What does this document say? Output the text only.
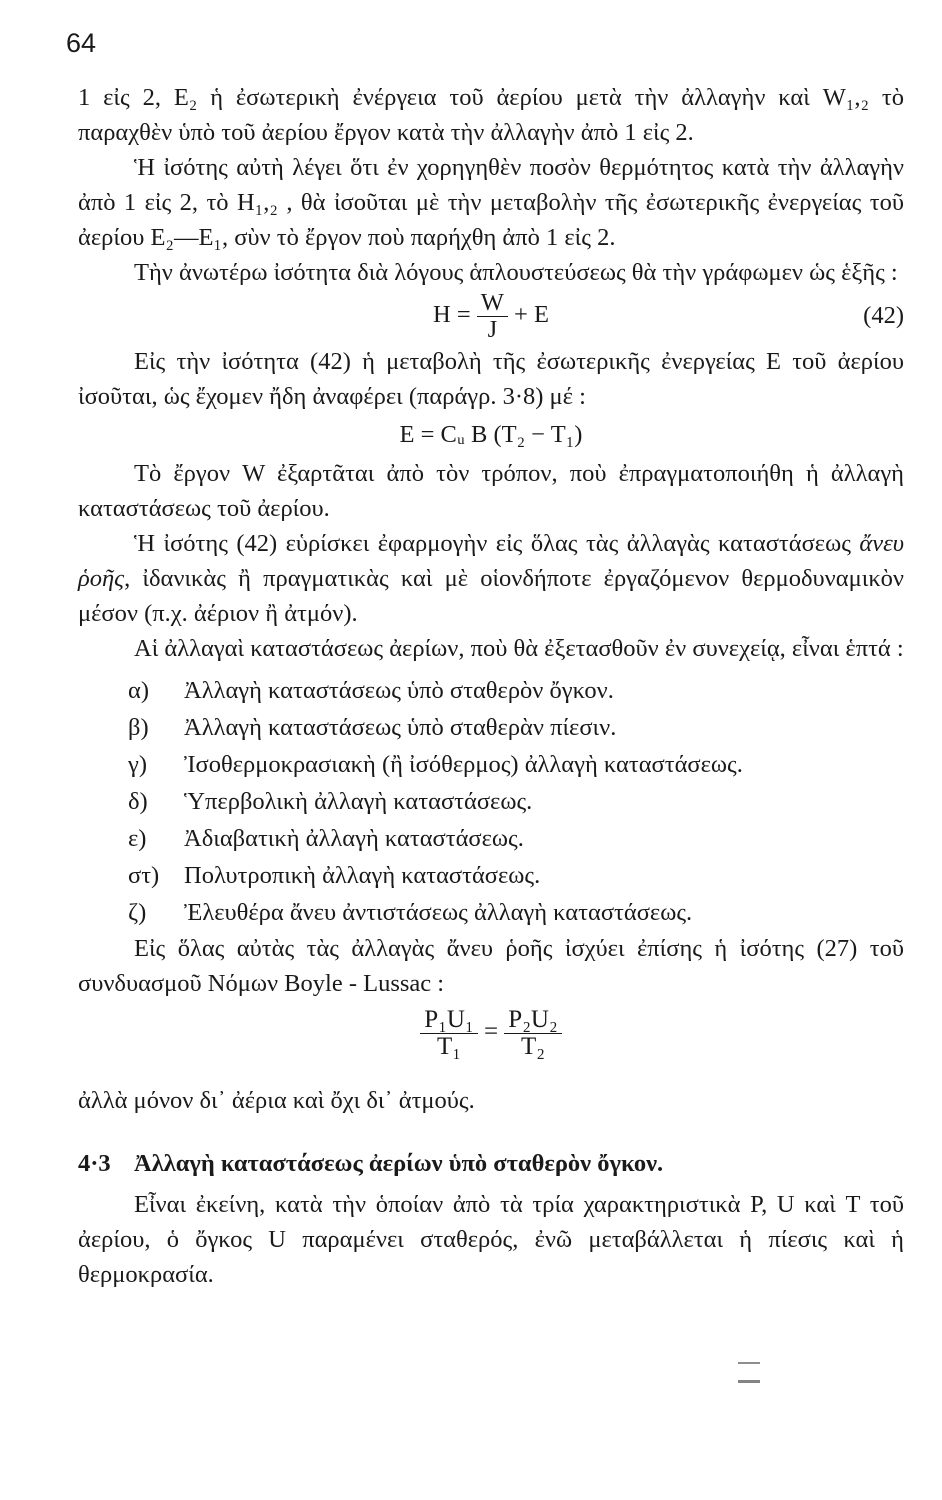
64

1 εἰς 2, E₂ ἡ ἐσωτερικὴ ἐνέργεια τοῦ ἀερίου μετὰ τὴν ἀλλαγὴν καὶ W₁,₂ τὸ παραχθὲν ὑπὸ τοῦ ἀερίου ἔργον κατὰ τὴν ἀλλαγὴν ἀπὸ 1 εἰς 2.

Ἡ ἰσότης αὐτὴ λέγει ὅτι ἐν χορηγηθὲν ποσὸν θερμότητος κατὰ τὴν ἀλλαγὴν ἀπὸ 1 εἰς 2, τὸ H₁,₂ , θὰ ἰσοῦται μὲ τὴν μεταβολὴν τῆς ἐσωτερικῆς ἐνεργείας τοῦ ἀερίου E₂—E₁, σὺν τὸ ἔργον ποὺ παρήχθη ἀπὸ 1 εἰς 2.

Τὴν ἀνωτέρω ἰσότητα διὰ λόγους ἁπλουστεύσεως θὰ τὴν γράφωμεν ὡς ἑξῆς :

$H = \frac{W}{J} + E$	(42)

Εἰς τὴν ἰσότητα (42) ἡ μεταβολὴ τῆς ἐσωτερικῆς ἐνεργείας E τοῦ ἀερίου ἰσοῦται, ὡς ἔχομεν ἤδη ἀναφέρει (παράγρ. 3·8) μέ :

E = Cᵤ B (T₂ − T₁)

Τὸ ἔργον W ἐξαρτᾶται ἀπὸ τὸν τρόπον, ποὺ ἐπραγματοποιήθη ἡ ἀλλαγὴ καταστάσεως τοῦ ἀερίου.

Ἡ ἰσότης (42) εὑρίσκει ἐφαρμογὴν εἰς ὅλας τὰς ἀλλαγὰς καταστάσεως ἄνευ ῥοῆς, ἰδανικὰς ἢ πραγματικὰς καὶ μὲ οἱονδήποτε ἐργαζόμενον θερμοδυναμικὸν μέσον (π.χ. ἀέριον ἢ ἀτμόν).

Αἱ ἀλλαγαὶ καταστάσεως ἀερίων, ποὺ θὰ ἐξετασθοῦν ἐν συνεχείᾳ, εἶναι ἑπτά :

α) Ἀλλαγὴ καταστάσεως ὑπὸ σταθερὸν ὄγκον.
β) Ἀλλαγὴ καταστάσεως ὑπὸ σταθερὰν πίεσιν.
γ) Ἰσοθερμοκρασιακὴ (ἢ ἰσόθερμος) ἀλλαγὴ καταστάσεως.
δ) Ὑπερβολικὴ ἀλλαγὴ καταστάσεως.
ε) Ἀδιαβατικὴ ἀλλαγὴ καταστάσεως.
στ) Πολυτροπικὴ ἀλλαγὴ καταστάσεως.
ζ) Ἐλευθέρα ἄνευ ἀντιστάσεως ἀλλαγὴ καταστάσεως.

Εἰς ὅλας αὐτὰς τὰς ἀλλαγὰς ἄνευ ῥοῆς ἰσχύει ἐπίσης ἡ ἰσότης (27) τοῦ συνδυασμοῦ Νόμων Boyle - Lussac :

$\frac{\text{P₁U₁}}{\text{T₁}} = \frac{\text{P₂U₂}}{\text{T₂}}$

ἀλλὰ μόνον δι᾽ ἀέρια καὶ ὄχι δι᾽ ἀτμούς.

4·3 Ἀλλαγὴ καταστάσεως ἀερίων ὑπὸ σταθερὸν ὄγκον.

Εἶναι ἐκείνη, κατὰ τὴν ὁποίαν ἀπὸ τὰ τρία χαρακτηριστικὰ P, U καὶ T τοῦ ἀερίου, ὁ ὄγκος U παραμένει σταθερός, ἐνῶ μεταβάλλεται ἡ πίεσις καὶ ἡ θερμοκρασία.
